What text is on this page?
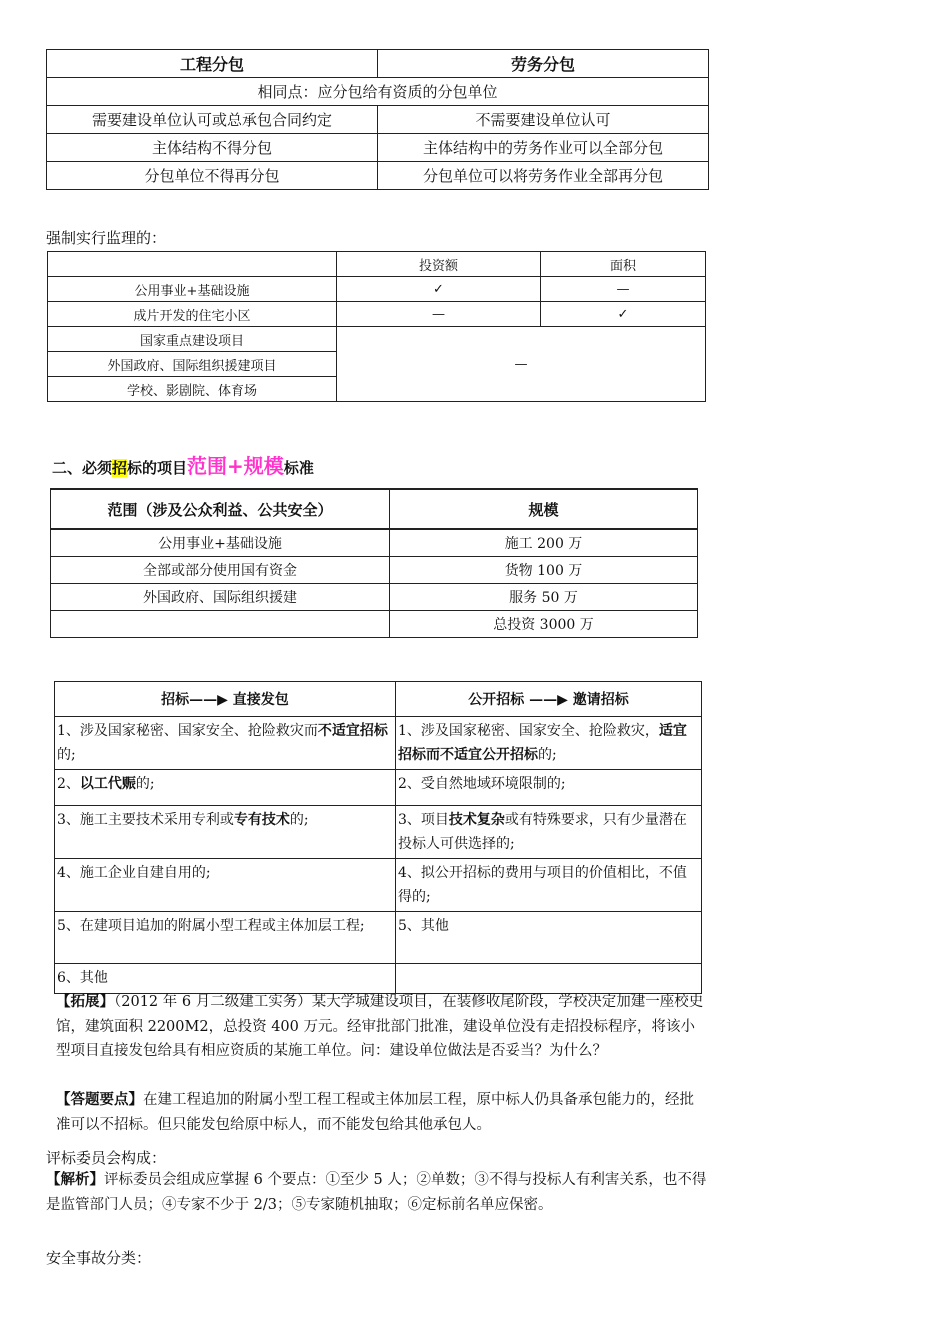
工程分包	劳务分包
相同点：应分包给有资质的分包单位	
需要建设单位认可或总承包合同约定	不需要建设单位认可
主体结构不得分包	主体结构中的劳务作业可以全部分包
分包单位不得再分包	分包单位可以将劳务作业全部再分包
强制实行监理的：
	投资额	面积
公用事业+基础设施	✓	—
成片开发的住宅小区	—	✓
国家重点建设项目	—	
外国政府、国际组织援建项目		
学校、影剧院、体育场		
二、必须招标的项目范围+规模标准
范围（涉及公众利益、公共安全）	规模
公用事业+基础设施	施工 200 万
全部或部分使用国有资金	货物 100 万
外国政府、国际组织援建	服务 50 万
	总投资 3000 万
招标——▶ 直接发包	公开招标 ——▶ 邀请招标
1、涉及国家秘密、国家安全、抢险救灾而不适宜招标的;	1、涉及国家秘密、国家安全、抢险救灾，适宜招标而不适宜公开招标的;
2、以工代赈的;	2、受自然地域环境限制的;
3、施工主要技术采用专利或专有技术的;	3、项目技术复杂或有特殊要求，只有少量潜在投标人可供选择的;
4、施工企业自建自用的;	4、拟公开招标的费用与项目的价值相比，不值得的;
5、在建项目追加的附属小型工程或主体加层工程;	5、其他
6、其他	
【拓展】（2012 年 6 月二级建工实务）某大学城建设项目，在装修收尾阶段，学校决定加建一座校史馆，建筑面积 2200M2，总投资 400 万元。经审批部门批准，建设单位没有走招投标程序，将该小型项目直接发包给具有相应资质的某施工单位。问：建设单位做法是否妥当？为什么？
【答题要点】在建工程追加的附属小型工程工程或主体加层工程，原中标人仍具备承包能力的，经批准可以不招标。但只能发包给原中标人，而不能发包给其他承包人。
评标委员会构成：
【解析】评标委员会组成应掌握 6 个要点：①至少 5 人；②单数；③不得与投标人有利害关系，也不得是监管部门人员；④专家不少于 2/3；⑤专家随机抽取；⑥定标前名单应保密。
安全事故分类：
